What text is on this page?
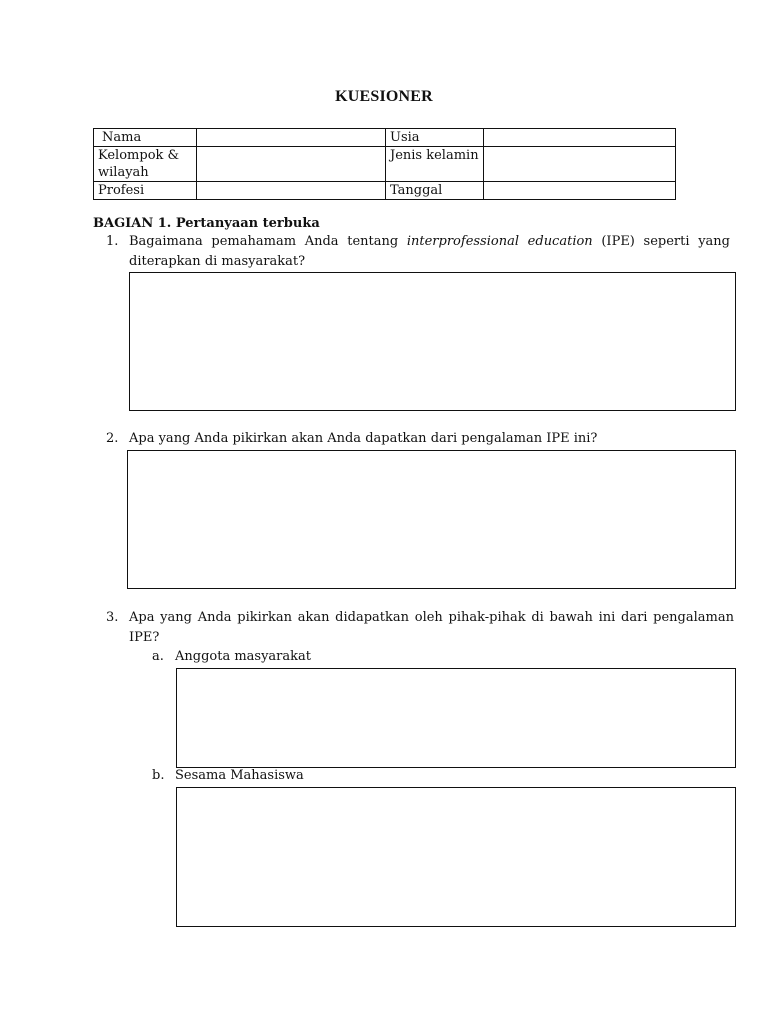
KUESIONER
Nama		Usia	
Kelompok & wilayah		Jenis kelamin	
Profesi		Tanggal	
BAGIAN 1. Pertanyaan terbuka
1. Bagaimana pemahamam Anda tentang interprofessional education (IPE) seperti yang diterapkan di masyarakat?
2. Apa yang Anda pikirkan akan Anda dapatkan dari pengalaman IPE ini?
3. Apa yang Anda pikirkan akan didapatkan oleh pihak-pihak di bawah ini dari pengalaman IPE?
a. Anggota masyarakat
b. Sesama Mahasiswa
